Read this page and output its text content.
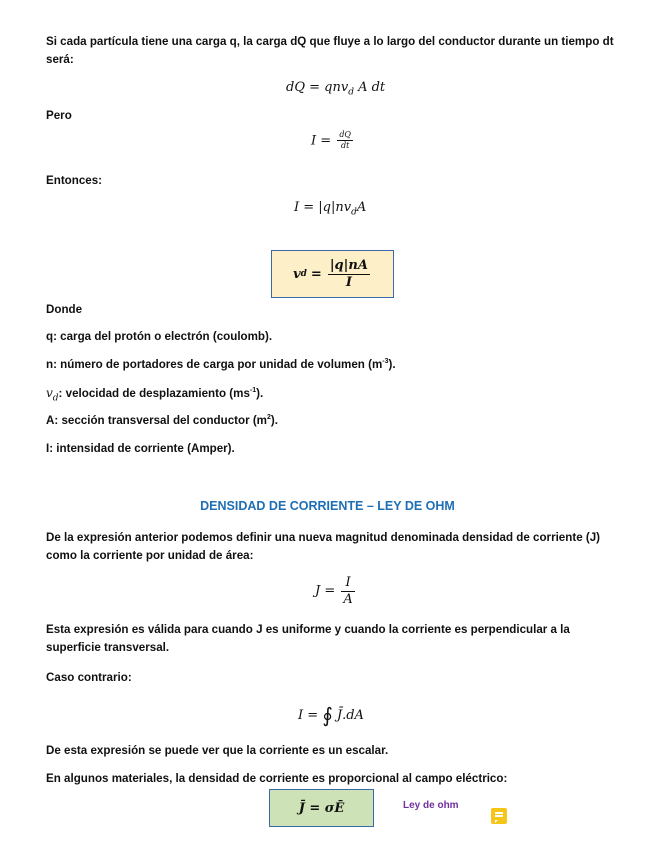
Si cada partícula tiene una carga q, la carga dQ que fluye a lo largo del conductor durante un tiempo dt será:
dQ = qnv$_d$ A dt
Pero
$I = \frac{dQ}{dt}$
Entonces:
$I = |q|nv_dA$
v $d = \frac{|q|nA}{I}$
Donde
q: carga del protón o electrón (coulomb).
n: número de portadores de carga por unidad de volumen $(m^{-3})$.
$v_d$: velocidad de desplazamiento $(ms^{-1})$.
A: sección transversal del conductor $(m^2)$.
I: intensidad de corriente (Amper).
DENSIDAD DE CORRIENTE – LEY DE OHM
De la expresión anterior podemos definir una nueva magnitud denominada densidad de corriente (J) como la corriente por unidad de área:
$J = \frac{I}{A}$
Esta expresión es válida para cuando J es uniforme y cuando la corriente es perpendicular a la superficie transversal.
Caso contrario:
I = ∮ J̄.dA
De esta expresión se puede ver que la corriente es un escalar.
En algunos materiales, la densidad de corriente es proporcional al campo eléctrico:
J̄ = σĒ	Ley de ohm
